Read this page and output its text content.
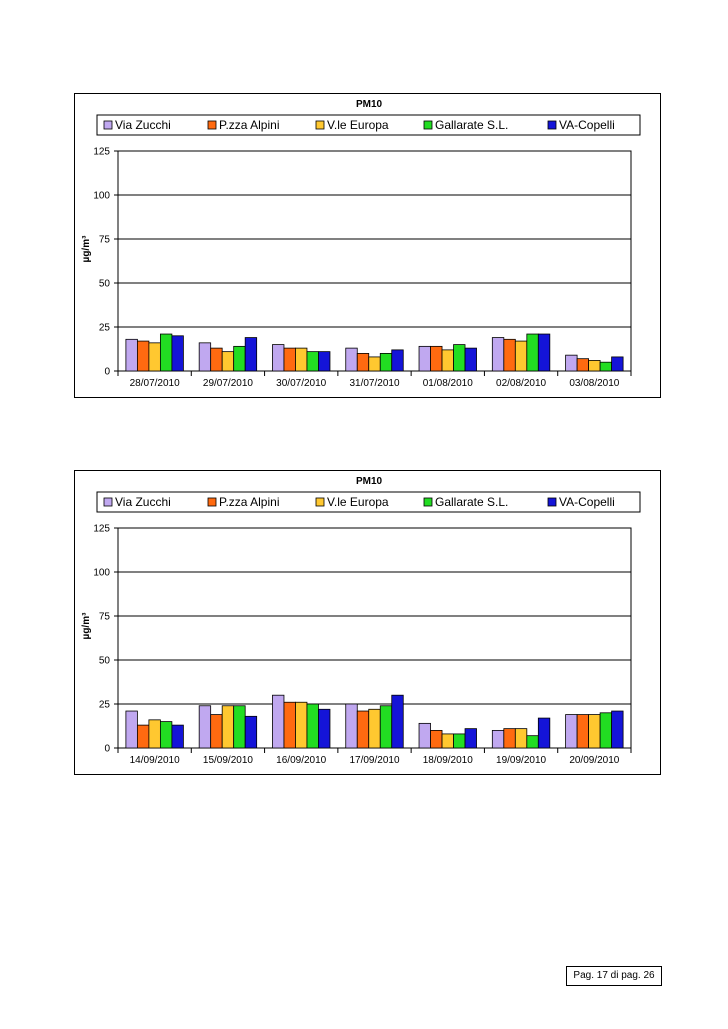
PM10
Via Zucchi	P.zza Alpini	V.le Europa	Gallarate S.L.	VA-Copelli
0
25
50
75
100
125
µg/m³
28/07/2010 29/07/2010 30/07/2010 31/07/2010 01/08/2010 02/08/2010 03/08/2010
PM10
Via Zucchi	P.zza Alpini	V.le Europa	Gallarate S.L.	VA-Copelli
0
25
50
75
100
125
µg/m³
14/09/2010 15/09/2010 16/09/2010 17/09/2010 18/09/2010 19/09/2010 20/09/2010
Pag. 17 di pag. 26
